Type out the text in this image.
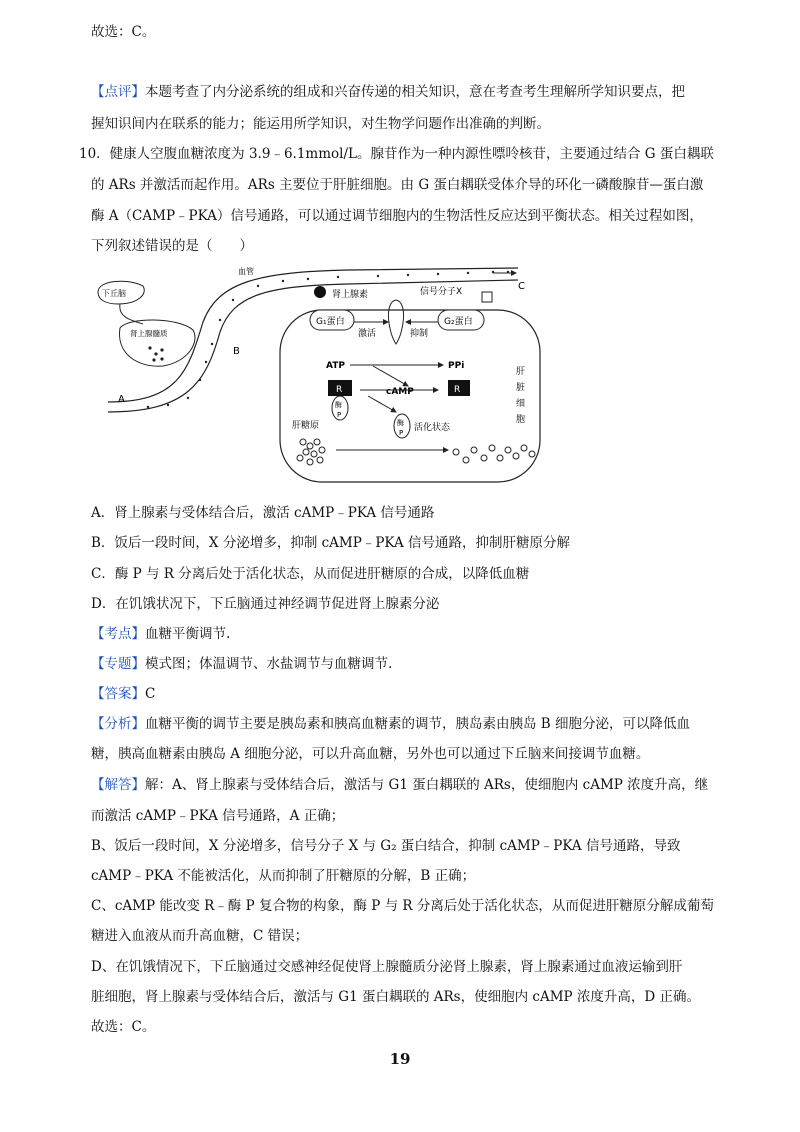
故选：C。
【点评】本题考查了内分泌系统的组成和兴奋传递的相关知识，意在考查考生理解所学知识要点，把
握知识间内在联系的能力；能运用所学知识，对生物学问题作出准确的判断。
10．健康人空腹血糖浓度为 3.9﹣6.1mmol/L。腺苷作为一种内源性嘌呤核苷，主要通过结合 G 蛋白耦联
的 ARs 并激活而起作用。ARs 主要位于肝脏细胞。由 G 蛋白耦联受体介导的环化一磷酸腺苷—蛋白激
酶 A（CAMP﹣PKA）信号通路，可以通过调节细胞内的生物活性反应达到平衡状态。相关过程如图，
下列叙述错误的是（　　）
血管
C
B
A
下丘脑
肾上腺髓质
肝
脏
细
胞
肾上腺素	信号分子X
G₁蛋白	G₂蛋白
激活	抑制
ATP	PPi
cAMP
R
酶
P
R
酶
P 活化状态
肝糖原
A．肾上腺素与受体结合后，激活 cAMP﹣PKA 信号通路
B．饭后一段时间，X 分泌增多，抑制 cAMP﹣PKA 信号通路，抑制肝糖原分解
C．酶 P 与 R 分离后处于活化状态，从而促进肝糖原的合成，以降低血糖
D．在饥饿状况下，下丘脑通过神经调节促进肾上腺素分泌
【考点】血糖平衡调节.
【专题】模式图；体温调节、水盐调节与血糖调节.
【答案】C
【分析】血糖平衡的调节主要是胰岛素和胰高血糖素的调节，胰岛素由胰岛 B 细胞分泌，可以降低血
糖，胰高血糖素由胰岛 A 细胞分泌，可以升高血糖，另外也可以通过下丘脑来间接调节血糖。
【解答】解：A、肾上腺素与受体结合后，激活与 G1 蛋白耦联的 ARs，使细胞内 cAMP 浓度升高，继
而激活 cAMP﹣PKA 信号通路，A 正确；
B、饭后一段时间，X 分泌增多，信号分子 X 与 G₂ 蛋白结合，抑制 cAMP﹣PKA 信号通路，导致
cAMP﹣PKA 不能被活化，从而抑制了肝糖原的分解，B 正确；
C、cAMP 能改变 R﹣酶 P 复合物的构象，酶 P 与 R 分离后处于活化状态，从而促进肝糖原分解成葡萄
糖进入血液从而升高血糖，C 错误；
D、在饥饿情况下，下丘脑通过交感神经促使肾上腺髓质分泌肾上腺素，肾上腺素通过血液运输到肝
脏细胞，肾上腺素与受体结合后，激活与 G1 蛋白耦联的 ARs，使细胞内 cAMP 浓度升高，D 正确。
故选：C。
19
